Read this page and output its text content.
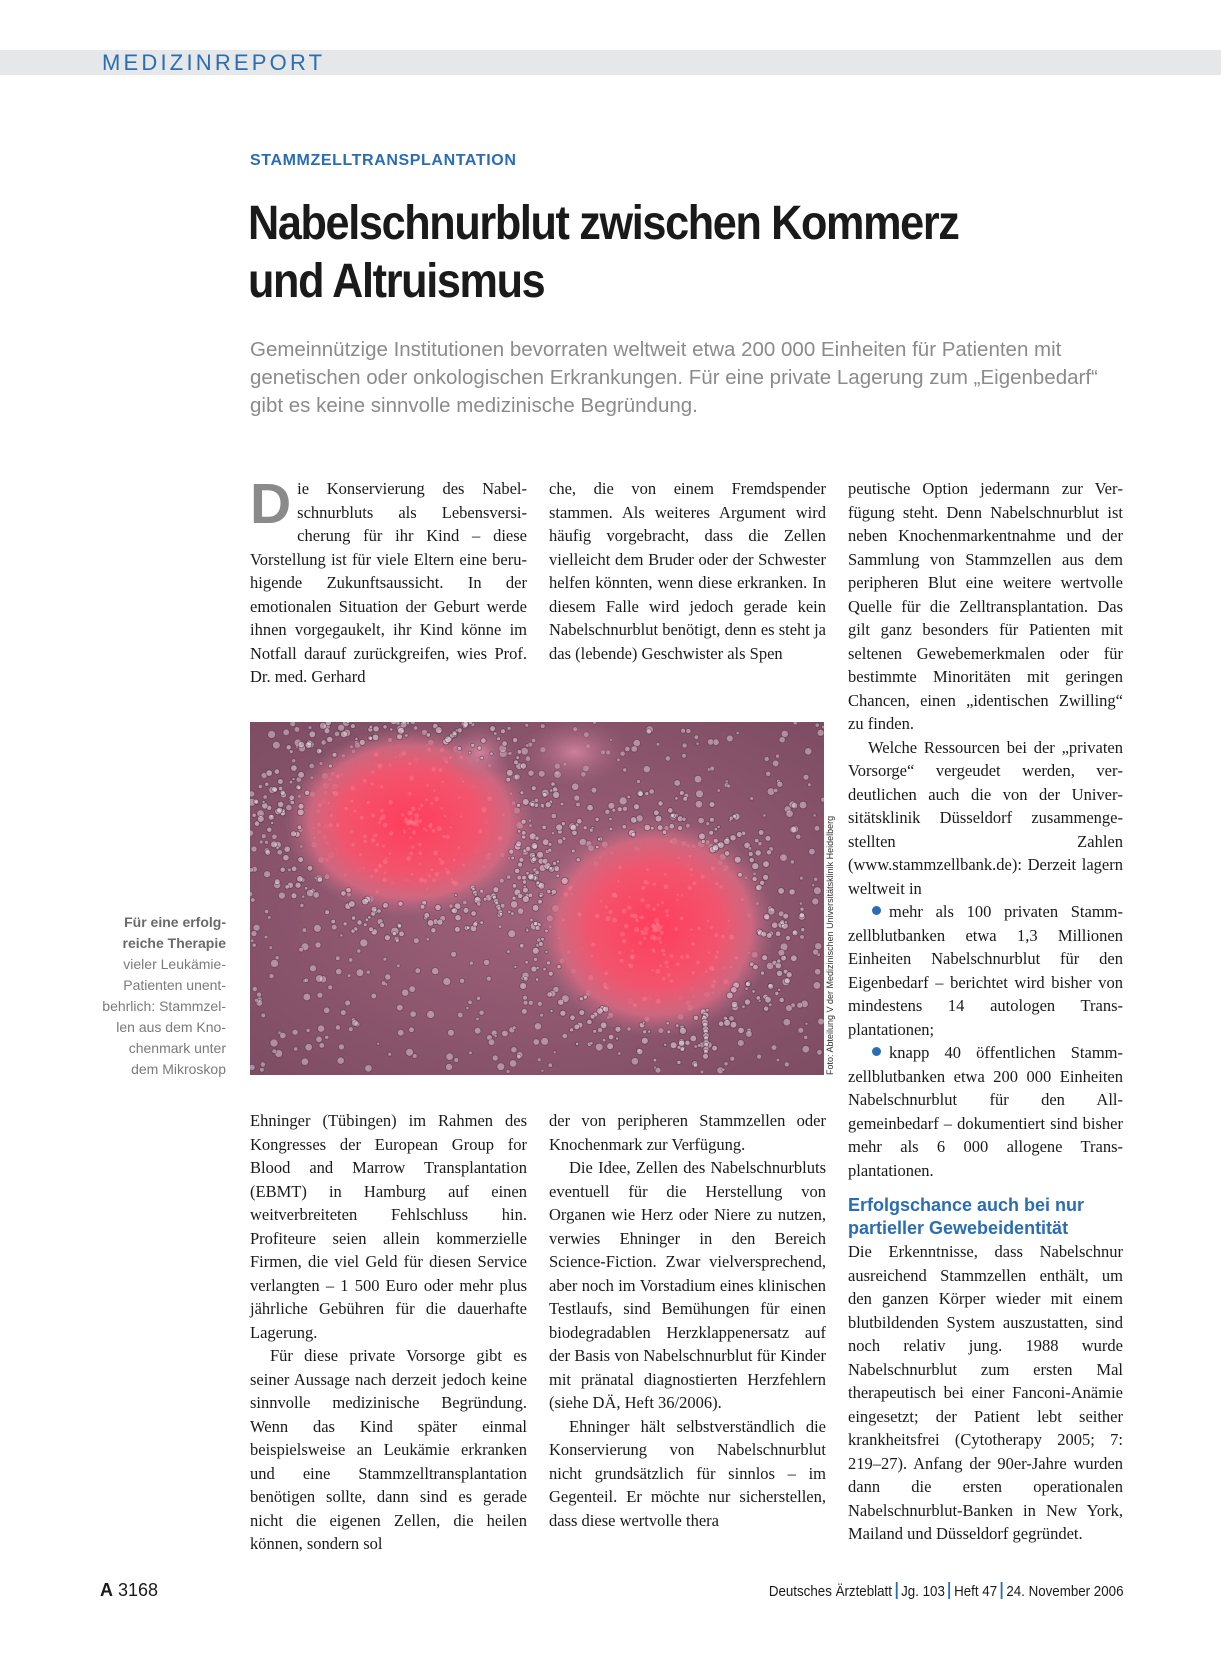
MEDIZINREPORT
STAMMZELLTRANSPLANTATION
Nabelschnurblut zwischen Kommerz
und Altruismus

Gemeinnützige Institutionen bevorraten weltweit etwa 200 000 Einheiten für Patienten mit genetischen oder onkologischen Erkrankungen. Für eine private Lagerung zum „Eigenbedarf“ gibt es keine sinnvolle medizinische Begründung.

Die Konservierung des Nabelschnurbluts als Lebensversicherung für ihr Kind – diese Vorstellung ist für viele Eltern eine beruhigende Zukunftsaussicht. In der emotionalen Situation der Geburt werde ihnen vorgegaukelt, ihr Kind könne im Notfall darauf zurückgreifen, wies Prof. Dr. med. Gerhard

che, die von einem Fremdspender stammen. Als weiteres Argument wird häufig vorgebracht, dass die Zellen vielleicht dem Bruder oder der Schwester helfen könnten, wenn diese erkranken. In diesem Falle wird jedoch gerade kein Nabelschnurblut benötigt, denn es steht ja das (lebende) Geschwister als Spen

Foto: Abteilung V der Medizinischen Universitätsklinik Heidelberg
Für eine erfolgreiche Therapie vieler Leukämie-Patienten unentbehrlich: Stammzellen aus dem Knochenmark unter dem Mikroskop

Ehninger (Tübingen) im Rahmen des Kongresses der European Group for Blood and Marrow Transplantation (EBMT) in Hamburg auf einen weitverbreiteten Fehlschluss hin. Profiteure seien allein kommerzielle Firmen, die viel Geld für diesen Service verlangten – 1 500 Euro oder mehr plus jährliche Gebühren für die dauerhafte Lagerung.

Für diese private Vorsorge gibt es seiner Aussage nach derzeit jedoch keine sinnvolle medizinische Begründung. Wenn das Kind später einmal beispielsweise an Leukämie erkranken und eine Stammzelltransplantation benötigen sollte, dann sind es gerade nicht die eigenen Zellen, die heilen können, sondern sol

der von peripheren Stammzellen oder Knochenmark zur Verfügung.

Die Idee, Zellen des Nabelschnurbluts eventuell für die Herstellung von Organen wie Herz oder Niere zu nutzen, verwies Ehninger in den Bereich Science-Fiction. Zwar vielversprechend, aber noch im Vorstadium eines klinischen Testlaufs, sind Bemühungen für einen biodegradablen Herzklappenersatz auf der Basis von Nabelschnurblut für Kinder mit pränatal diagnostierten Herzfehlern (siehe DÄ, Heft 36/2006).

Ehninger hält selbstverständlich die Konservierung von Nabelschnurblut nicht grundsätzlich für sinnlos – im Gegenteil. Er möchte nur sicherstellen, dass diese wertvolle thera

peutische Option jedermann zur Verfügung steht. Denn Nabelschnurblut ist neben Knochenmarkentnahme und der Sammlung von Stammzellen aus dem peripheren Blut eine weitere wertvolle Quelle für die Zelltransplantation. Das gilt ganz besonders für Patienten mit seltenen Gewebemerkmalen oder für bestimmte Minoritäten mit geringen Chancen, einen „identischen Zwilling“ zu finden.

Welche Ressourcen bei der „privaten Vorsorge“ vergeudet werden, verdeutlichen auch die von der Universitätsklinik Düsseldorf zusammengestellten Zahlen (www.stammzellbank.de): Derzeit lagern weltweit in

mehr als 100 privaten Stammzellblutbanken etwa 1,3 Millionen Einheiten Nabelschnurblut für den Eigenbedarf – berichtet wird bisher von mindestens 14 autologen Transplantationen;

knapp 40 öffentlichen Stammzellblutbanken etwa 200 000 Einheiten Nabelschnurblut für den Allgemeinbedarf – dokumentiert sind bisher mehr als 6 000 allogene Transplantationen.

Erfolgschance auch bei nur partieller Gewebeidentität

Die Erkenntnisse, dass Nabelschnur ausreichend Stammzellen enthält, um den ganzen Körper wieder mit einem blutbildenden System auszustatten, sind noch relativ jung. 1988 wurde Nabelschnurblut zum ersten Mal therapeutisch bei einer Fanconi-Anämie eingesetzt; der Patient lebt seither krankheitsfrei (Cytotherapy 2005; 7: 219–27). Anfang der 90er-Jahre wurden dann die ersten operationalen Nabelschnurblut-Banken in New York, Mailand und Düsseldorf gegründet.

A 3168	Deutsches Ärzteblatt Jg. 103 Heft 47 24. November 2006
